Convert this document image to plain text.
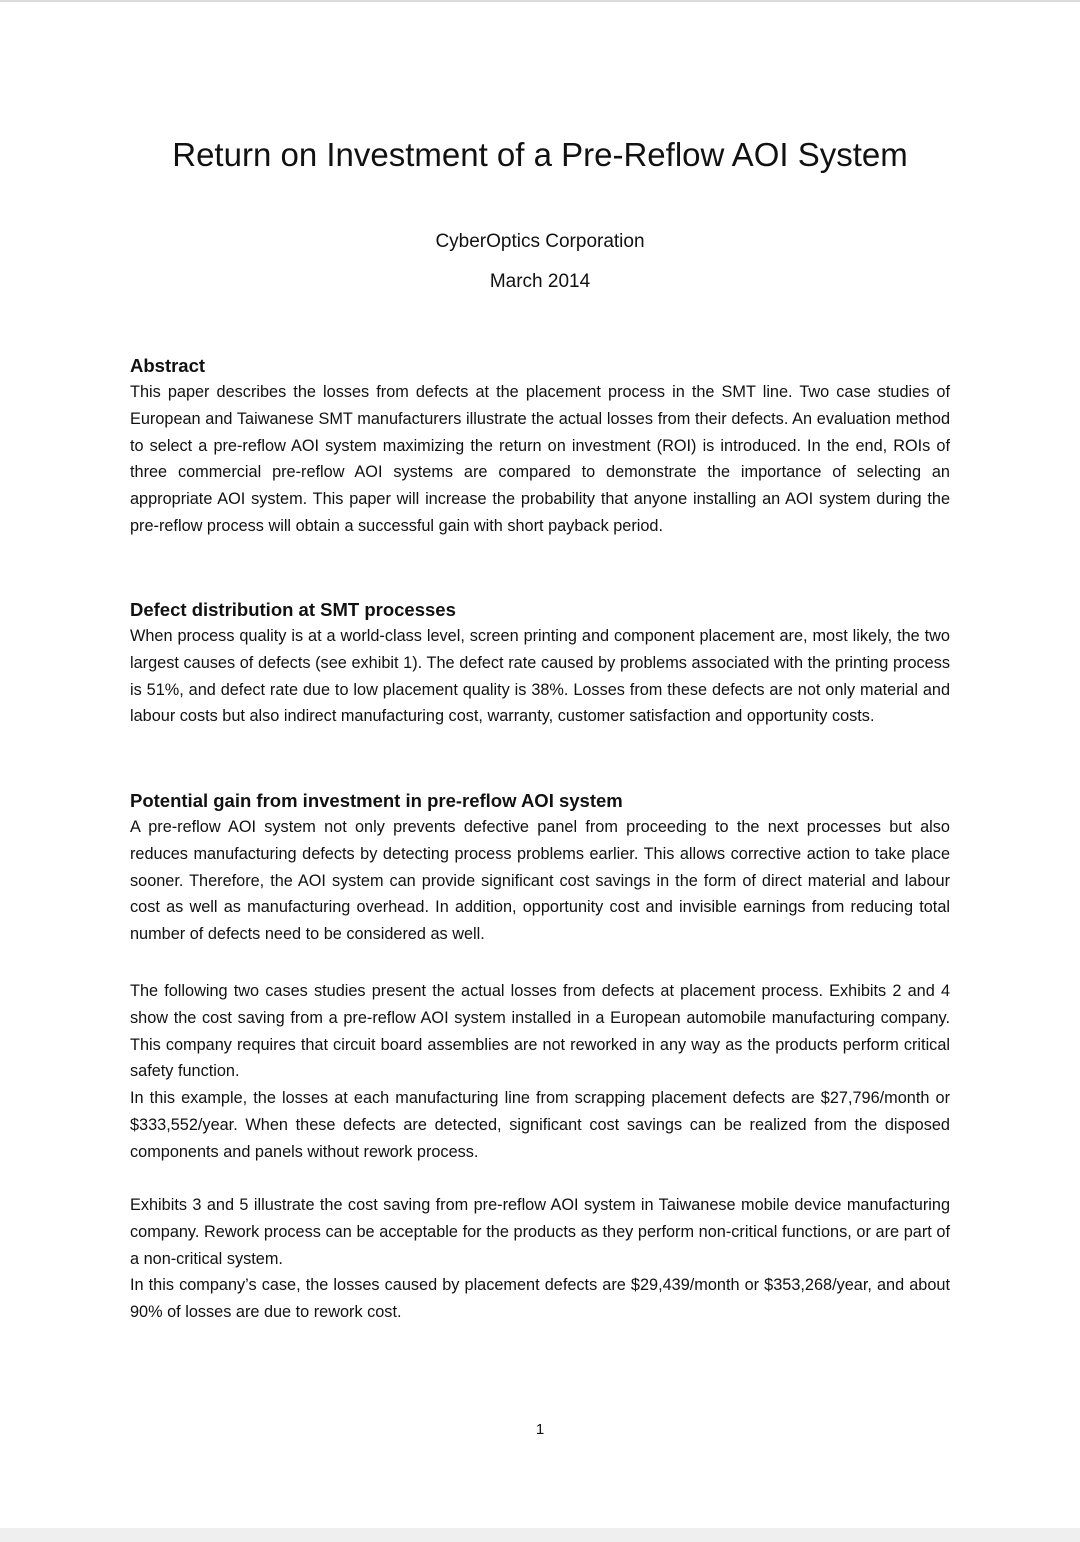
Return on Investment of a Pre-Reflow AOI System
CyberOptics Corporation
March 2014
Abstract

This paper describes the losses from defects at the placement process in the SMT line. Two case studies of European and Taiwanese SMT manufacturers illustrate the actual losses from their defects. An evaluation method to select a pre-reflow AOI system maximizing the return on investment (ROI) is introduced. In the end, ROIs of three commercial pre-reflow AOI systems are compared to demonstrate the importance of selecting an appropriate AOI system. This paper will increase the probability that anyone installing an AOI system during the pre-reflow process will obtain a successful gain with short payback period.

Defect distribution at SMT processes

When process quality is at a world-class level, screen printing and component placement are, most likely, the two largest causes of defects (see exhibit 1). The defect rate caused by problems associated with the printing process is 51%, and defect rate due to low placement quality is 38%. Losses from these defects are not only material and labour costs but also indirect manufacturing cost, warranty, customer satisfaction and opportunity costs.

Potential gain from investment in pre-reflow AOI system

A pre-reflow AOI system not only prevents defective panel from proceeding to the next processes but also reduces manufacturing defects by detecting process problems earlier. This allows corrective action to take place sooner. Therefore, the AOI system can provide significant cost savings in the form of direct material and labour cost as well as manufacturing overhead. In addition, opportunity cost and invisible earnings from reducing total number of defects need to be considered as well.

The following two cases studies present the actual losses from defects at placement process. Exhibits 2 and 4 show the cost saving from a pre-reflow AOI system installed in a European automobile manufacturing company. This company requires that circuit board assemblies are not reworked in any way as the products perform critical safety function.

In this example, the losses at each manufacturing line from scrapping placement defects are $27,796/month or $333,552/year. When these defects are detected, significant cost savings can be realized from the disposed components and panels without rework process.

Exhibits 3 and 5 illustrate the cost saving from pre-reflow AOI system in Taiwanese mobile device manufacturing company. Rework process can be acceptable for the products as they perform non-critical functions, or are part of a non-critical system.

In this company’s case, the losses caused by placement defects are $29,439/month or $353,268/year, and about 90% of losses are due to rework cost.

1
